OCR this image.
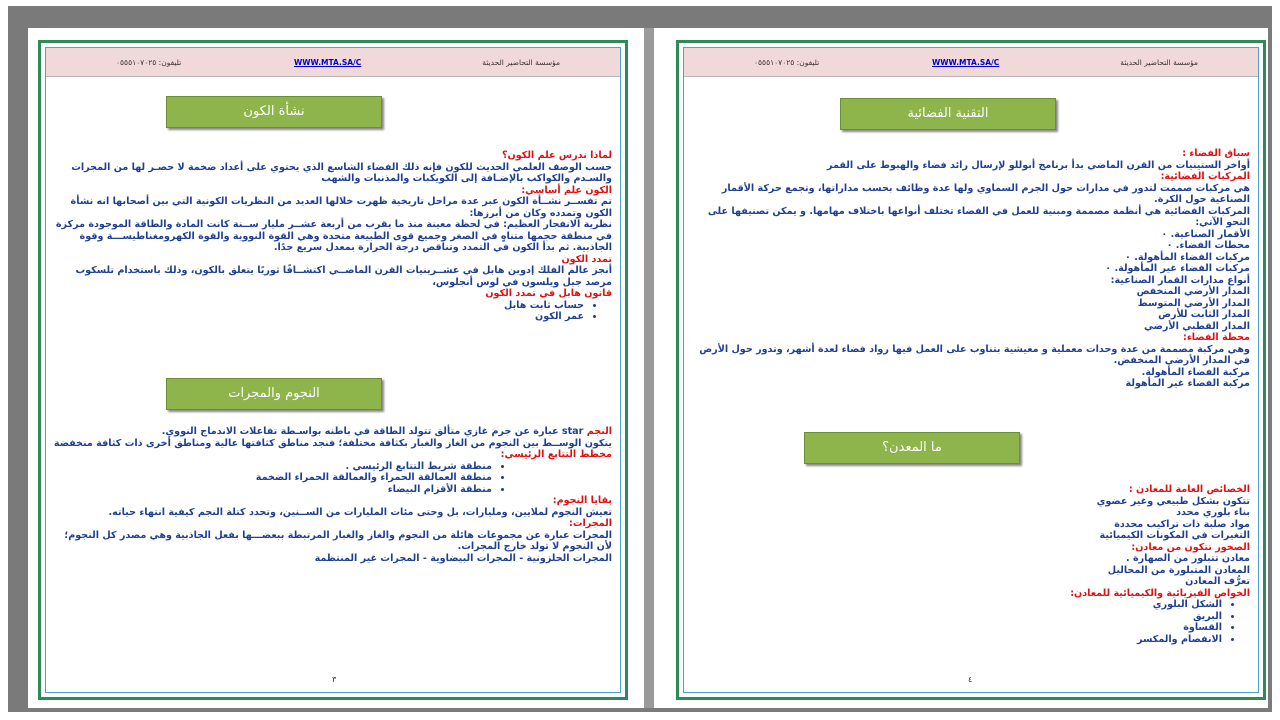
مؤسسة التحاضير الحديثة
WWW.MTA.SA/C
تليفون: ٠٥٥٥١٠٧٠٢٥
نشأة الكون

لماذا ندرس علم الكون؟

حسب الوصف العلمي الحديث للكون فإنه ذلك الفضاء الشاسع الذي يحتوي على أعداد ضخمة لا حصـر لها من المجرات والسـدم والكواكب بالإضـافة إلى الكويكبات والمذنبات والشهب

الكون علم أساسي:

تم تفســر نشــأة الكون عبر عدة مراحل تاريخية ظهرت خلالها العديد من النظريات الكونية التي بين أصحابها انه نشأة الكون وتمدده وكان من أبرزها:

نظرية الانفجار العظيم: في لحظة معينة منذ ما يقرب من أربعة عشــر مليار ســنة كانت المادة والطاقة الموجودة مركزة في منطقة حجمها متناهٍ في الصغر وجميع قوى الطبيعة متحدة وهي القوة النووية والقوة الكهرومغناطيســـة وقوة الجاذبية. ثم بدأ الكون في التمدد وتناقص درجة الحرارة بمعدل سريع جدًا.

تمدد الكون

أنجز عالم الفلك إدوين هابل في عشــرينيات القرن الماضــي اكتشــافًا ثوريًا يتعلق بالكون، وذلك باستخدام تلسكوب مرصد جبل ويلسون في لوس أنجلوس،

قانون هابل في تمدد الكون

• حساب ثابت هابل
• عمر الكون
النجوم والمجرات

النجم star عبارة عن جرم غازي متألق تتولد الطاقة في باطنه بواسـطة تفاعلات الاندماج النووي.

يتكون الوســط بين النجوم من الغاز والغبار بكثافة مختلفة؛ فنجد مناطق كثافتها عالية ومناطق أخرى ذات كثافة منخفضة

مخطط التتابع الرئيسي:

• منطقة شريط التتابع الرئيسي .
• منطقة العمالقة الحمراء والعمالقة الحمراء الضخمة
• منطقة الأقزام البيضاء

بقايا النجوم:

تعيش النجوم لملايين، ومليارات، بل وحتى مئات المليارات من الســنين، وتحدد كتلة النجم كيفية انتهاء حياته.

المجرات:

المجرات عبارة عن مجموعات هائلة من النجوم والغاز والغبار المرتبطة ببعضـــها بفعل الجاذبية وهي مصدر كل النجوم؛ لأن النجوم لا تولد خارج المجرات.

المجرات الحلزونية - المجرات البيضاوية - المجرات غير المنتظمة

٣
مؤسسة التحاضير الحديثة
WWW.MTA.SA/C
تليفون: ٠٥٥٥١٠٧٠٢٥
التقنية الفضائية

سباق الفضاء :

أواخر الستينيات من القرن الماضي بدأ برنامج أبوللو لإرسال رائد فضاء والهبوط على القمر

المركبات الفضائية:

هي مركبات صممت لتدور في مدارات حول الجرم السماوي ولها عدة وظائف بحسب مداراتها، وتجمع حركة الأقمار الصناعية حول الكرة.

المركبات الفضائية هي أنظمة مصممة ومبنية للعمل في الفضاء تختلف أنواعها باختلاف مهامها. و يمكن تصنيفها على النحو الآتي:

الأقمار الصناعية. ٠

محطات الفضاء. ٠

مركبات الفضاء المأهولة. ٠

مركبات الفضاء غير المأهولة. ٠

أنواع مدارات القمار الصناعية:

المدار الأرضي المنخفض

المدار الأرضي المتوسط

المدار الثابت للأرض

المدار القطبي الأرضي

محطة الفضاء:

وهي مركبة مصممة من عدة وحدات معملية و معيشية بتناوب على العمل فيها رواد فضاء لعدة أشهر، وتدور حول الأرض في المدار الأرضي المنخفض.

مركبة الفضاء المأهولة.

مركبة الفضاء غير المأهولة

ما المعدن؟

الخصائص العامة للمعادن :

تتكون بشكل طبيعي وغير عضوي

بناء بلوري محدد

مواد صلبة ذات تراكيب محددة

التغيرات في المكونات الكيميائية

الصخور تتكون من معادن:

معادن تتبلور من الصهارة .

المعادن المتبلورة من المحاليل

تعرُّف المعادن

الخواص الفيزيائية والكيميائية للمعادن:

• الشكل البلوري
• البريق
• القساوة
• الانفصام والمكسر
٤
